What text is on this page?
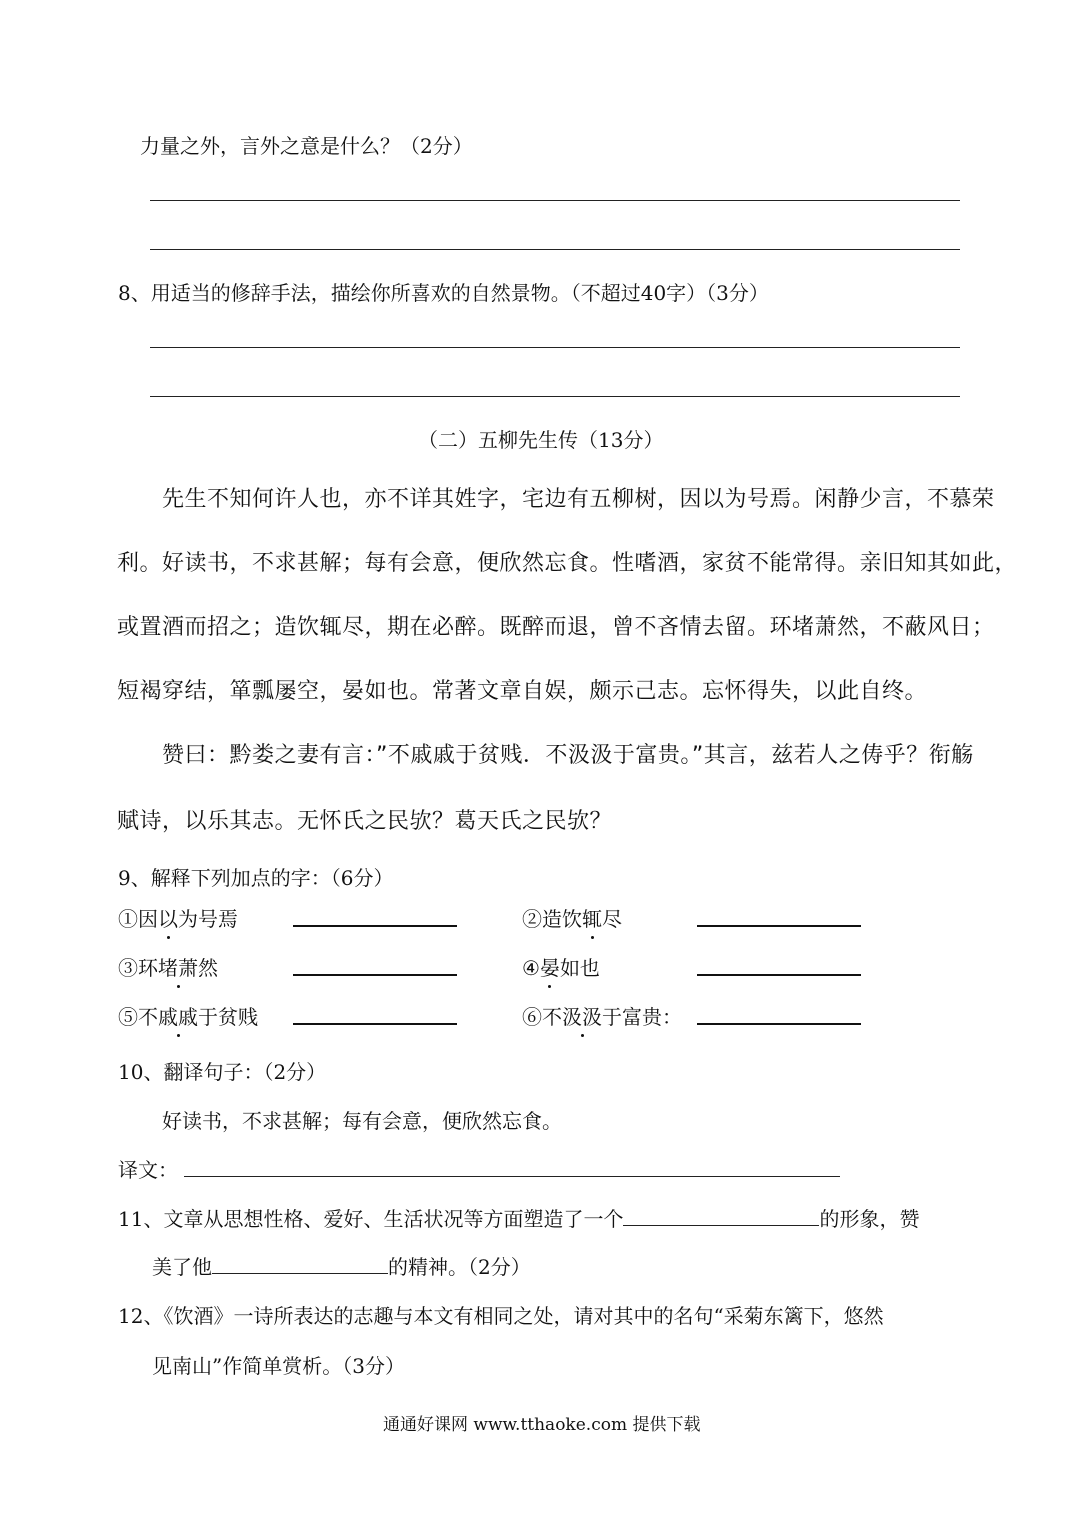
力量之外，言外之意是什么？（2分）
8、用适当的修辞手法，描绘你所喜欢的自然景物。（不超过40字）（3分）
（二）五柳先生传（13分）
先生不知何许人也，亦不详其姓字，宅边有五柳树，因以为号焉。闲静少言，不慕荣
利。好读书，不求甚解；每有会意，便欣然忘食。性嗜酒，家贫不能常得。亲旧知其如此，
或置酒而招之；造饮辄尽，期在必醉。既醉而退，曾不吝情去留。环堵萧然，不蔽风日；
短褐穿结，箪瓢屡空，晏如也。常著文章自娱，颇示己志。忘怀得失，以此自终。
赞曰：黔娄之妻有言：”不戚戚于贫贱．不汲汲于富贵。”其言，兹若人之俦乎？衔觞
赋诗，以乐其志。无怀氏之民欤？葛天氏之民欤？
9、解释下列加点的字：（6分）
①因以为号焉	②造饮辄尽
③环堵萧然	④晏如也
⑤不戚戚于贫贱	⑥不汲汲于富贵：
10、翻译句子：（2分）
好读书，不求甚解；每有会意，便欣然忘食。
译文：
11、文章从思想性格、爱好、生活状况等方面塑造了一个	的形象，赞
美了他	的精神。（2分）
12、《饮酒》一诗所表达的志趣与本文有相同之处，请对其中的名句“采菊东篱下，悠然
见南山”作简单赏析。（3分）
通通好课网 www.tthaoke.com 提供下载
